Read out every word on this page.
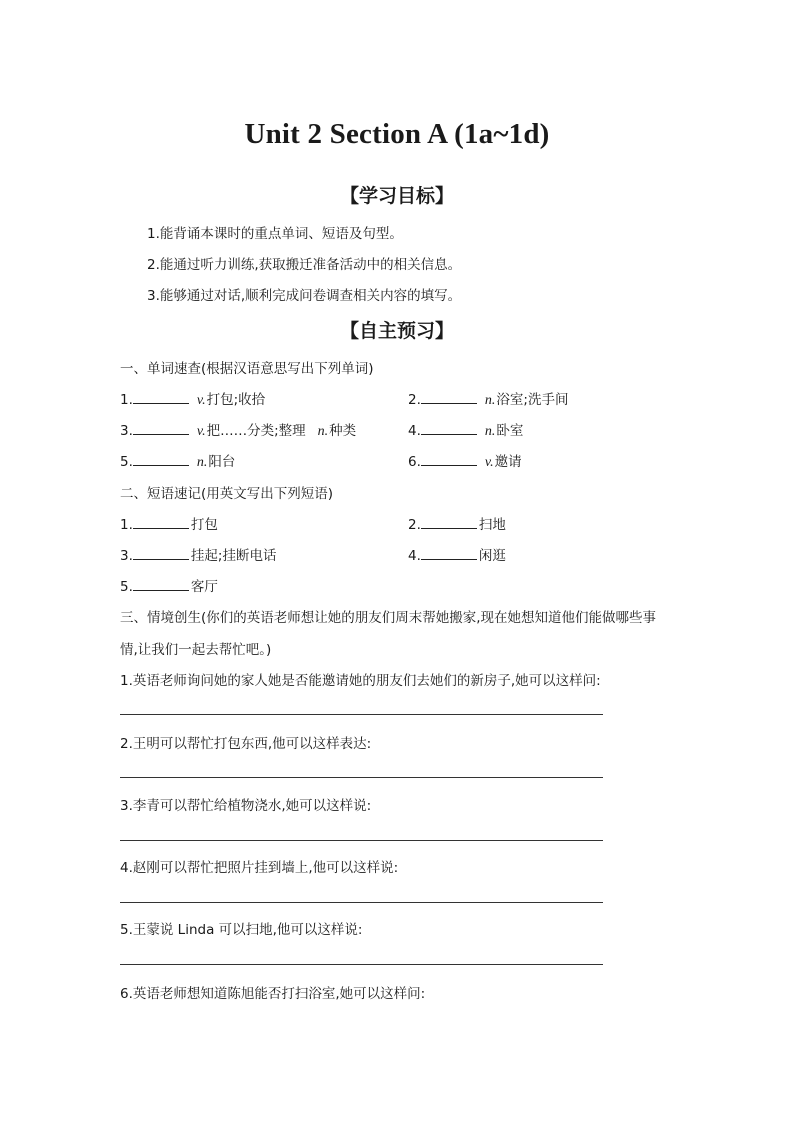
Unit 2 Section A (1a~1d)
【学习目标】
1.能背诵本课时的重点单词、短语及句型。
2.能通过听力训练,获取搬迁准备活动中的相关信息。
3.能够通过对话,顺利完成问卷调查相关内容的填写。
【自主预习】
一、单词速查(根据汉语意思写出下列单词)
1.	v.打包;收拾	2.	n.浴室;洗手间
3.	v.把……分类;整理 n.种类	4.	n.卧室
5.	n.阳台	6.	v.邀请
二、短语速记(用英文写出下列短语)
1.	打包	2.	扫地
3.	挂起;挂断电话	4.	闲逛
5.	客厅
三、情境创生(你们的英语老师想让她的朋友们周末帮她搬家,现在她想知道他们能做哪些事
情,让我们一起去帮忙吧。)
1.英语老师询问她的家人她是否能邀请她的朋友们去她们的新房子,她可以这样问:
2.王明可以帮忙打包东西,他可以这样表达:
3.李青可以帮忙给植物浇水,她可以这样说:
4.赵刚可以帮忙把照片挂到墙上,他可以这样说:
5.王蒙说 Linda 可以扫地,他可以这样说:
6.英语老师想知道陈旭能否打扫浴室,她可以这样问:
